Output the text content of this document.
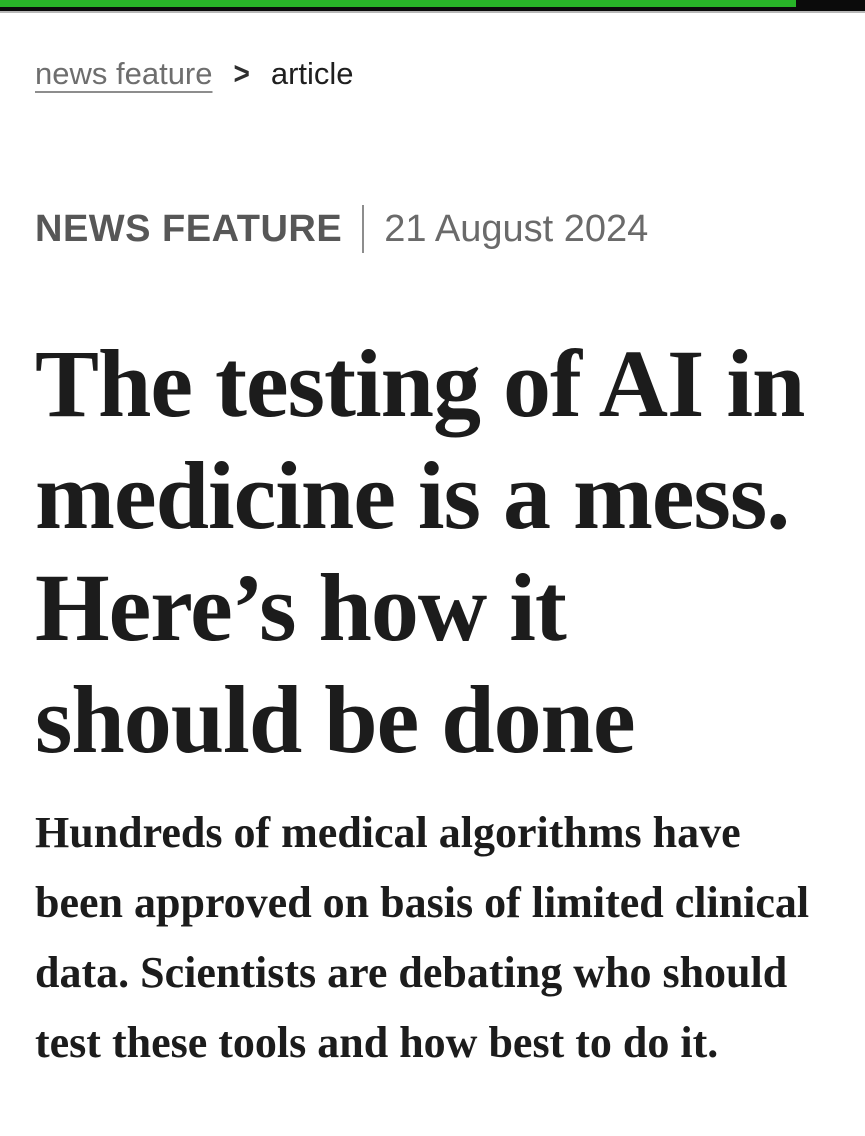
news feature > article
NEWS FEATURE 21 August 2024
The testing of AI in
medicine is a mess.
Here’s how it
should be done

Hundreds of medical algorithms have
been approved on basis of limited clinical
data. Scientists are debating who should
test these tools and how best to do it.
